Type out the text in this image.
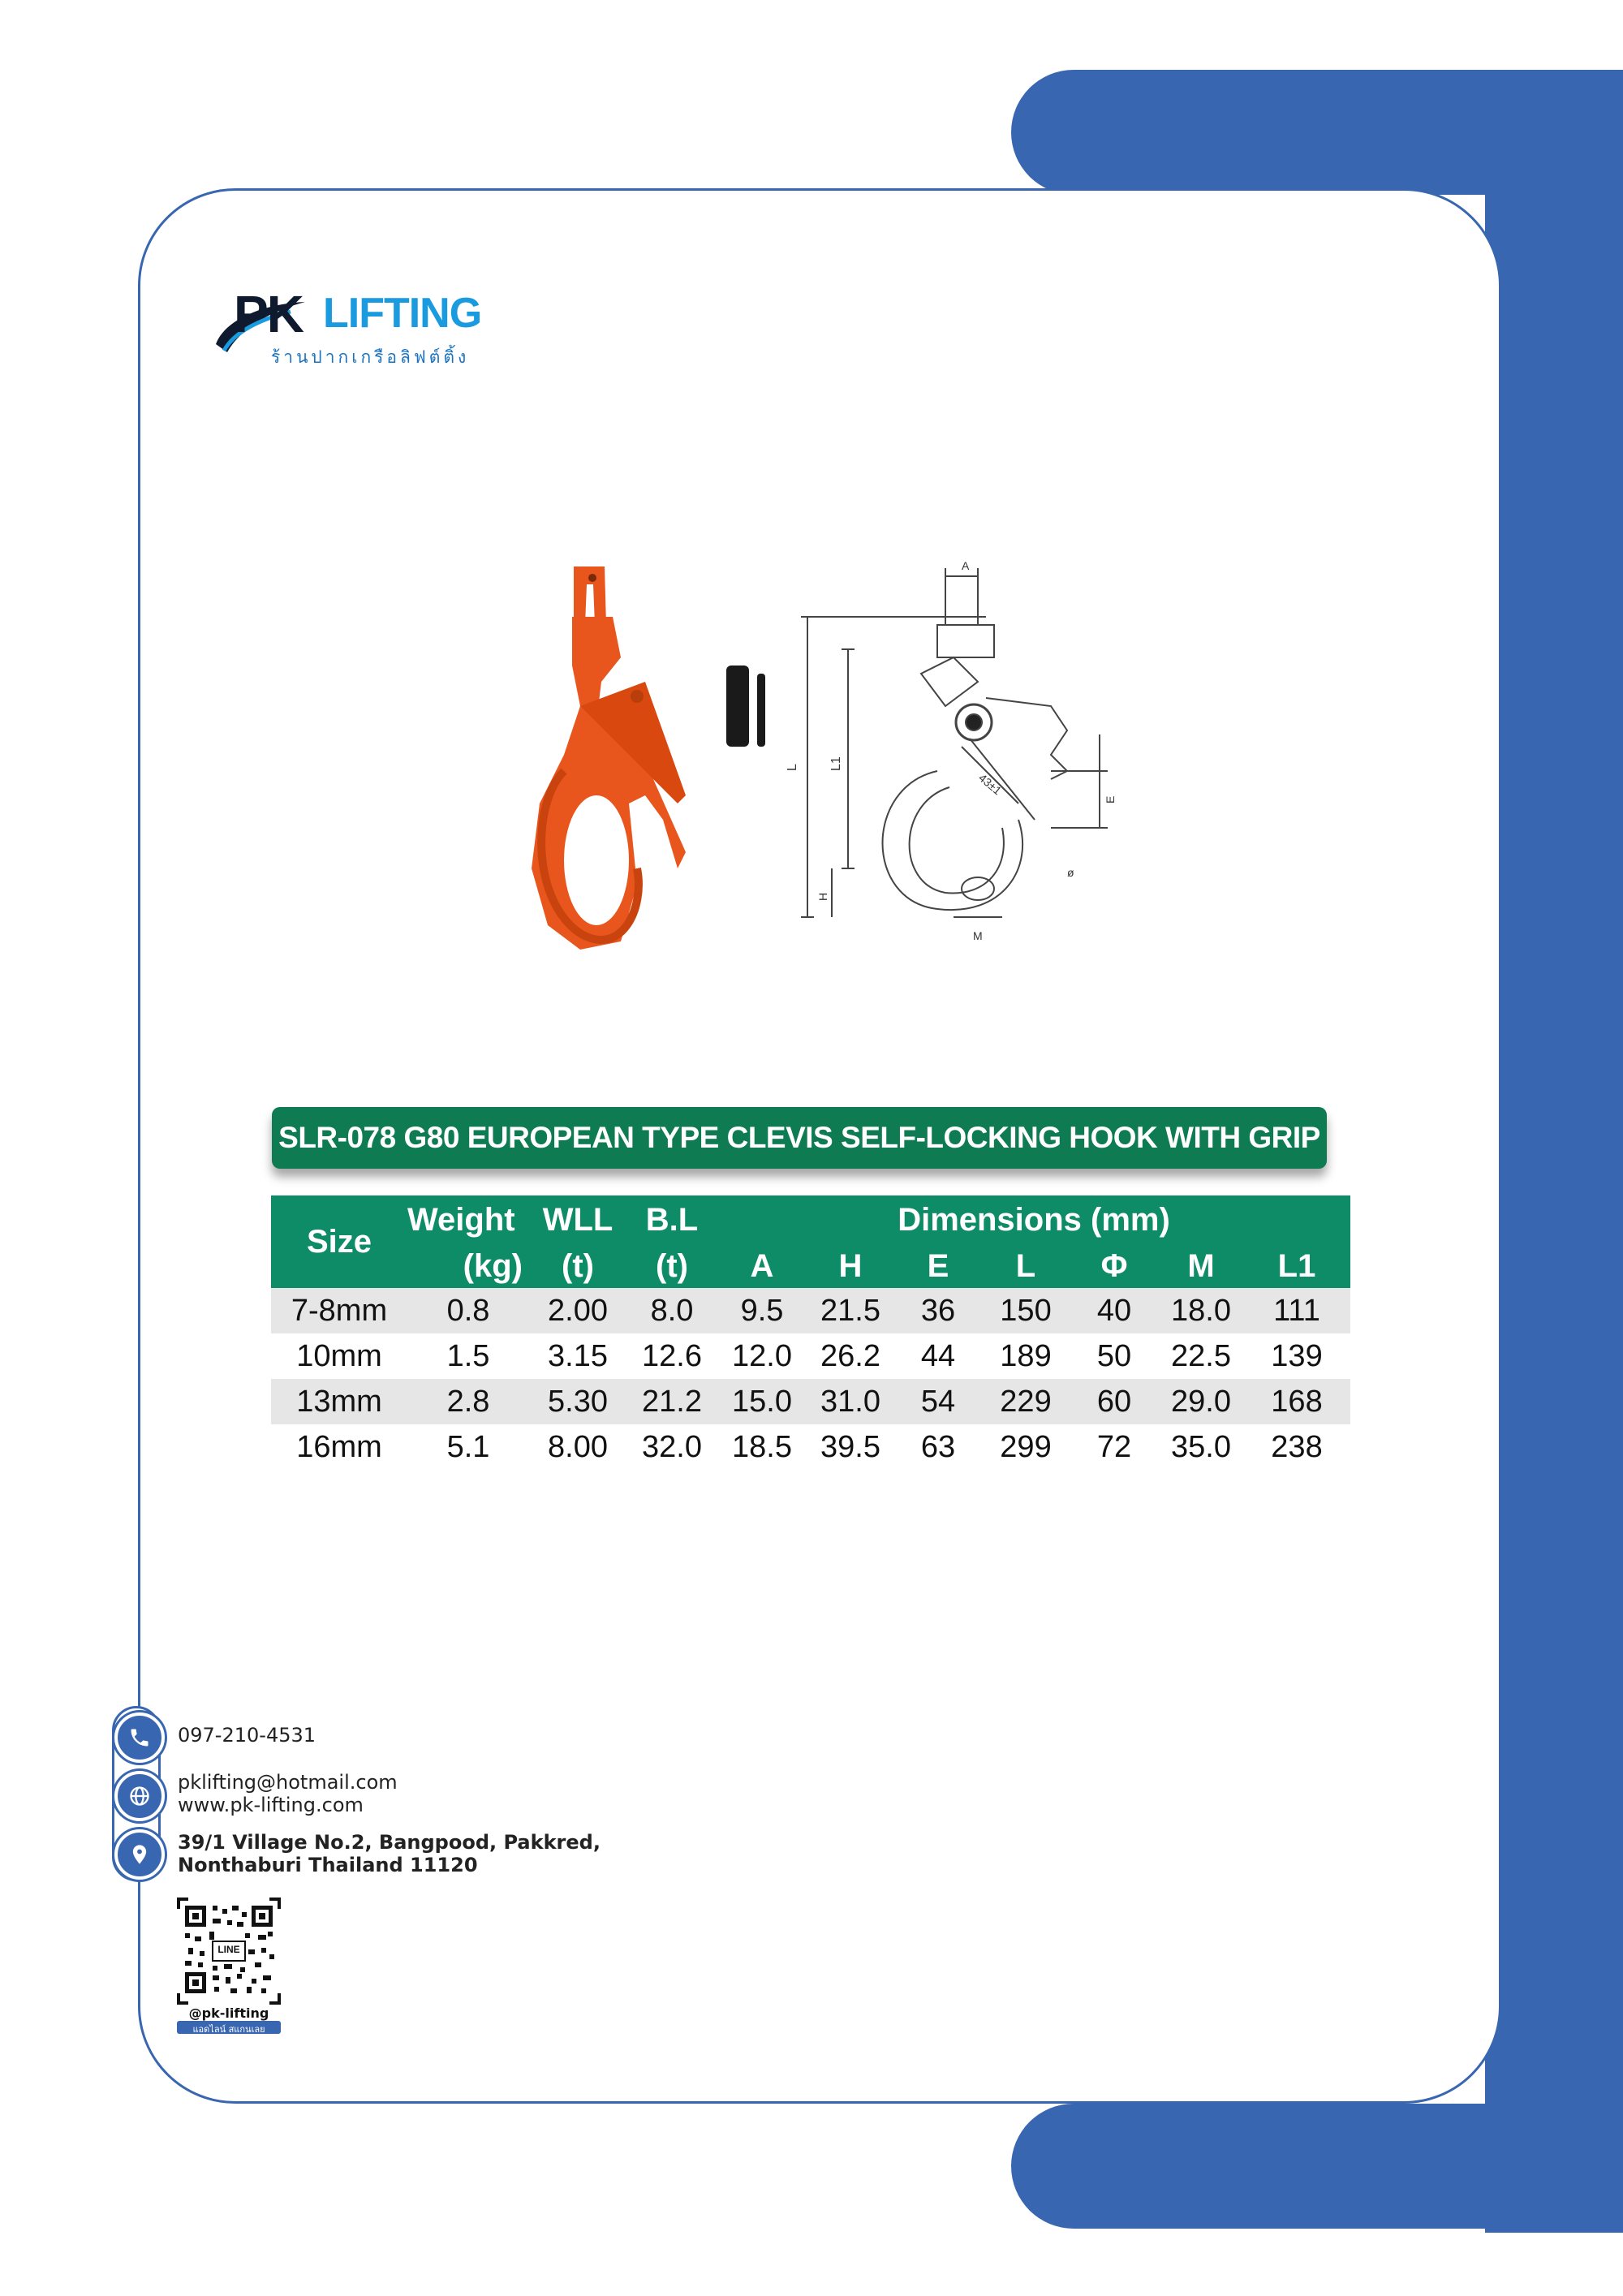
PK LIFTING
ร้านปากเกรือลิฟต์ติ้ง
A
L L1
H
E
M
ø
43±1
SLR-078 G80 EUROPEAN TYPE CLEVIS SELF-LOCKING HOOK WITH GRIP
Size	Weight	WLL	B.L	Dimensions (mm)						
	(kg)	(t)	(t)	A	H	E	L	Φ	M	L1
7-8mm	0.8	2.00	8.0	9.5	21.5	36	150	40	18.0	111
10mm	1.5	3.15	12.6	12.0	26.2	44	189	50	22.5	139
13mm	2.8	5.30	21.2	15.0	31.0	54	229	60	29.0	168
16mm	5.1	8.00	32.0	18.5	39.5	63	299	72	35.0	238
097-210-4531
pklifting@hotmail.com
www.pk-lifting.com
39/1 Village No.2, Bangpood, Pakkred,
Nonthaburi Thailand 11120
LINE
@pk-lifting
แอดไลน์ สแกนเลย
